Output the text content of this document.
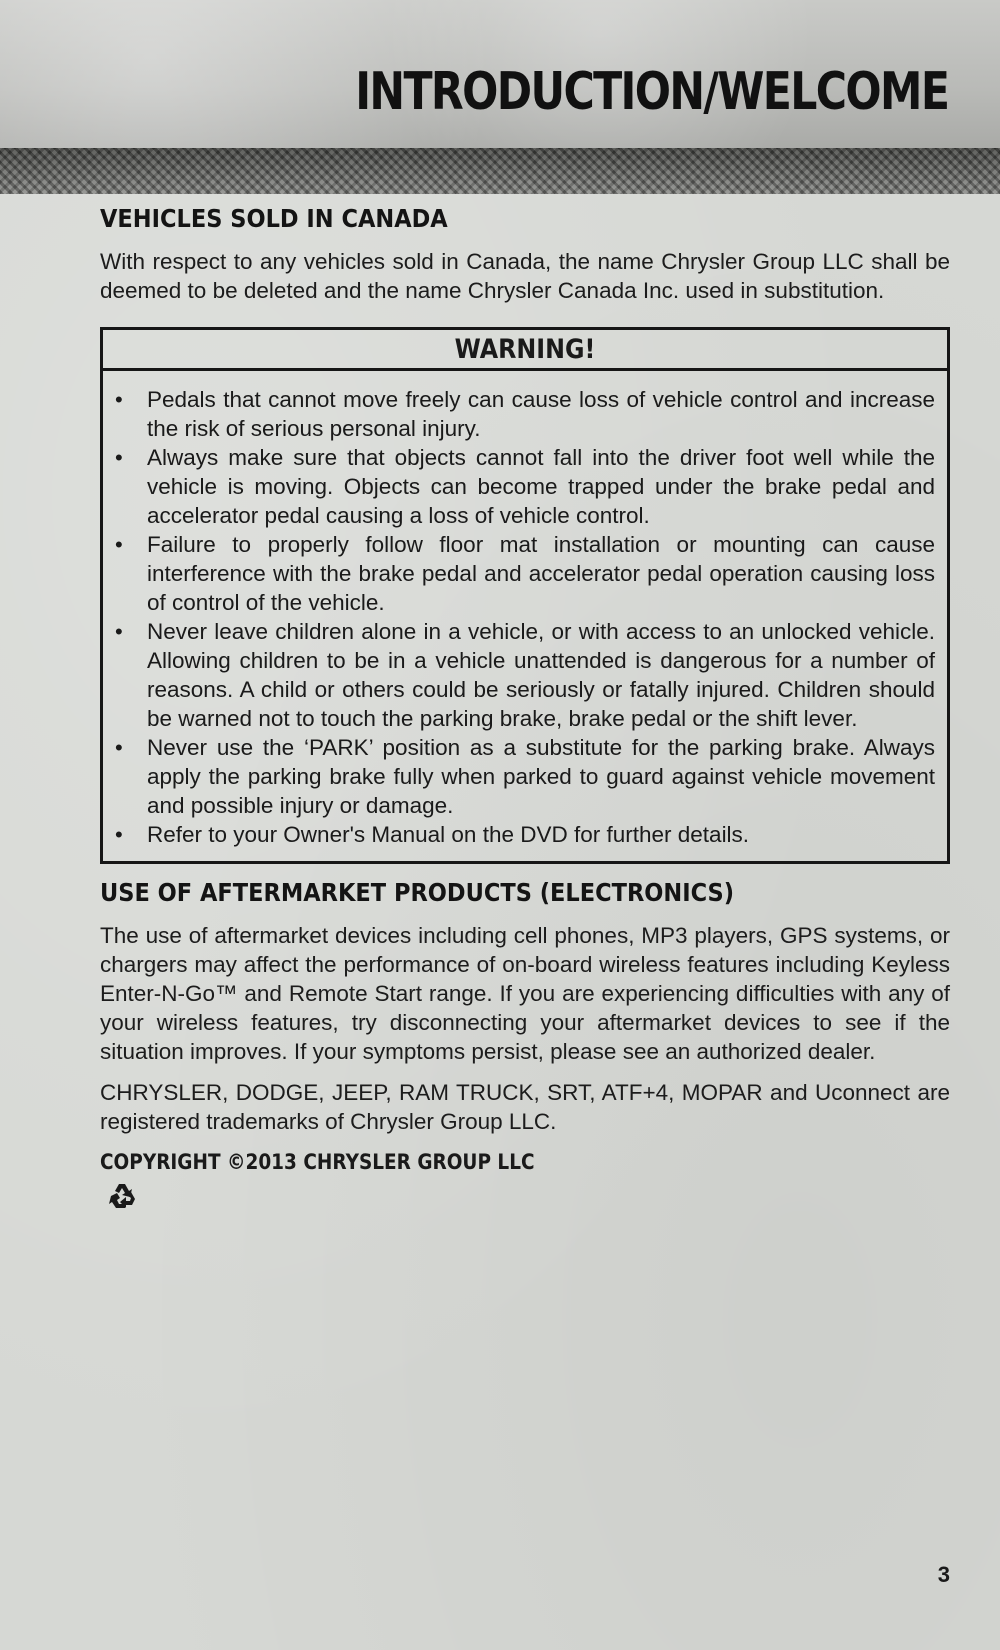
INTRODUCTION/WELCOME
VEHICLES SOLD IN CANADA

With respect to any vehicles sold in Canada, the name Chrysler Group LLC shall be deemed to be deleted and the name Chrysler Canada Inc. used in substitution.

WARNING!
• Pedals that cannot move freely can cause loss of vehicle control and increase the risk of serious personal injury.
• Always make sure that objects cannot fall into the driver foot well while the vehicle is moving. Objects can become trapped under the brake pedal and accelerator pedal causing a loss of vehicle control.
• Failure to properly follow floor mat installation or mounting can cause interference with the brake pedal and accelerator pedal operation causing loss of control of the vehicle.
• Never leave children alone in a vehicle, or with access to an unlocked vehicle. Allowing children to be in a vehicle unattended is dangerous for a number of reasons. A child or others could be seriously or fatally injured. Children should be warned not to touch the parking brake, brake pedal or the shift lever.
• Never use the ‘PARK’ position as a substitute for the parking brake. Always apply the parking brake fully when parked to guard against vehicle movement and possible injury or damage.
• Refer to your Owner's Manual on the DVD for further details.
USE OF AFTERMARKET PRODUCTS (ELECTRONICS)

The use of aftermarket devices including cell phones, MP3 players, GPS systems, or chargers may affect the performance of on-board wireless features including Keyless Enter-N-Go™ and Remote Start range. If you are experiencing difficulties with any of your wireless features, try disconnecting your aftermarket devices to see if the situation improves. If your symptoms persist, please see an authorized dealer.

CHRYSLER, DODGE, JEEP, RAM TRUCK, SRT, ATF+4, MOPAR and Uconnect are registered trademarks of Chrysler Group LLC.

COPYRIGHT ©2013 CHRYSLER GROUP LLC
3
